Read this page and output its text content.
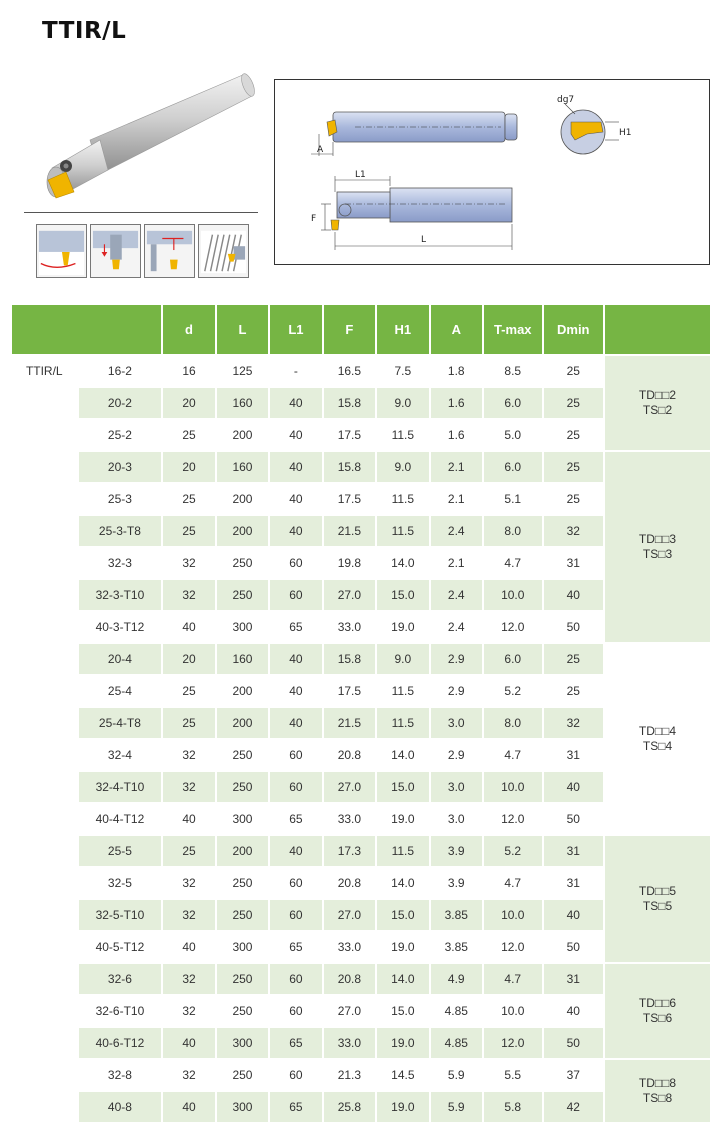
TTIR/L
A
L1
F
L
dg7
H1
		d	L	L1	F	H1	A	T-max	Dmin	
TTIR/L	16-2	16	125	-	16.5	7.5	1.8	8.5	25	TD□□2
TS□2

	20-2	20	160	40	15.8	9.0	1.6	6.0	25	
	25-2	25	200	40	17.5	11.5	1.6	5.0	25	
	20-3	20	160	40	15.8	9.0	2.1	6.0	25	TD□□3
TS□3

	25-3	25	200	40	17.5	11.5	2.1	5.1	25	
	25-3-T8	25	200	40	21.5	11.5	2.4	8.0	32	
	32-3	32	250	60	19.8	14.0	2.1	4.7	31	
	32-3-T10	32	250	60	27.0	15.0	2.4	10.0	40	
	40-3-T12	40	300	65	33.0	19.0	2.4	12.0	50	
	20-4	20	160	40	15.8	9.0	2.9	6.0	25	TD□□4
TS□4

	25-4	25	200	40	17.5	11.5	2.9	5.2	25	
	25-4-T8	25	200	40	21.5	11.5	3.0	8.0	32	
	32-4	32	250	60	20.8	14.0	2.9	4.7	31	
	32-4-T10	32	250	60	27.0	15.0	3.0	10.0	40	
	40-4-T12	40	300	65	33.0	19.0	3.0	12.0	50	
	25-5	25	200	40	17.3	11.5	3.9	5.2	31	TD□□5
TS□5

	32-5	32	250	60	20.8	14.0	3.9	4.7	31	
	32-5-T10	32	250	60	27.0	15.0	3.85	10.0	40	
	40-5-T12	40	300	65	33.0	19.0	3.85	12.0	50	
	32-6	32	250	60	20.8	14.0	4.9	4.7	31	TD□□6
TS□6

	32-6-T10	32	250	60	27.0	15.0	4.85	10.0	40	
	40-6-T12	40	300	65	33.0	19.0	4.85	12.0	50	
	32-8	32	250	60	21.3	14.5	5.9	5.5	37	TD□□8
TS□8

	40-8	40	300	65	25.8	19.0	5.9	5.8	42	
